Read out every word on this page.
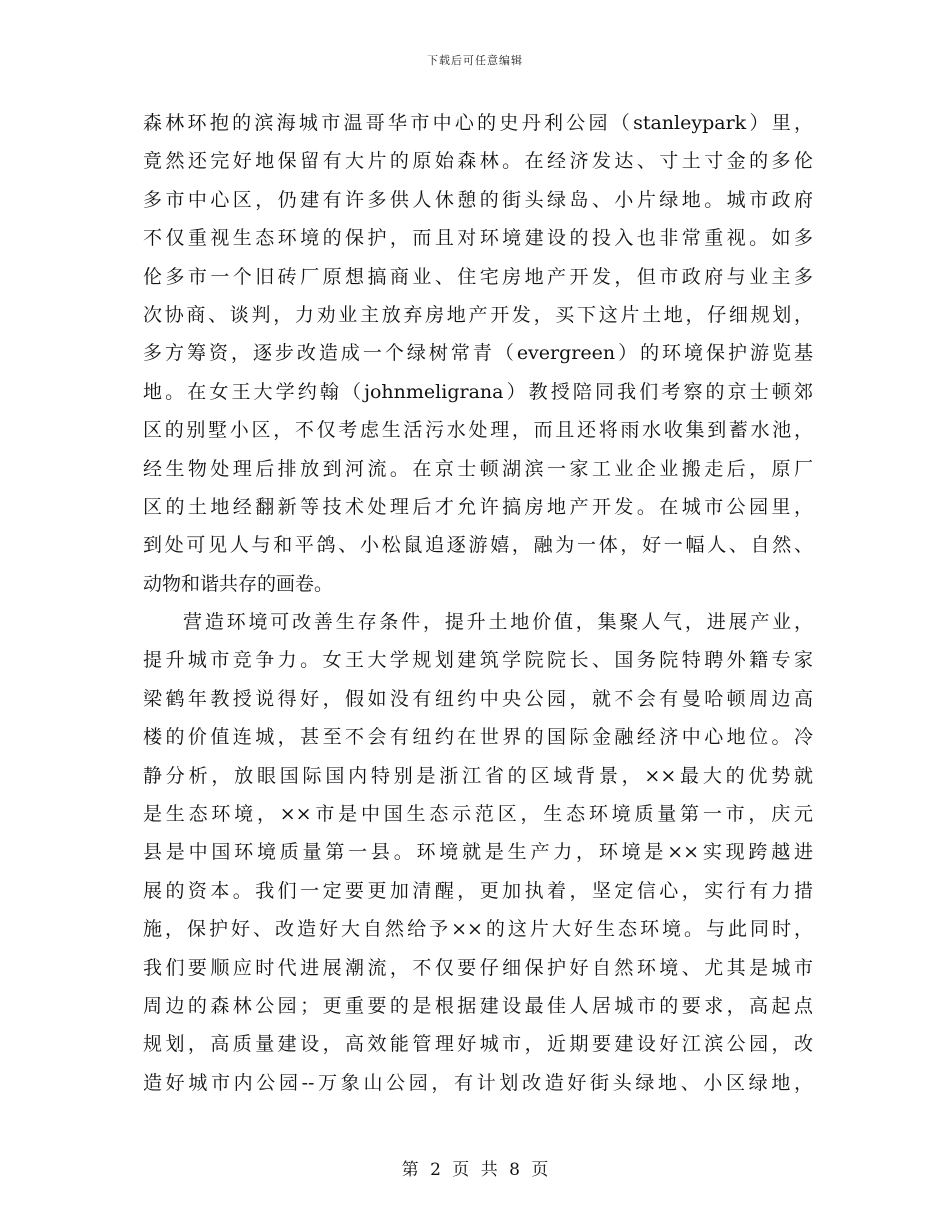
下载后可任意编辑
森林环抱的滨海城市温哥华市中心的史丹利公园（stanleypark）里，
竟然还完好地保留有大片的原始森林。在经济发达、寸土寸金的多伦
多市中心区，仍建有许多供人休憩的街头绿岛、小片绿地。城市政府
不仅重视生态环境的保护，而且对环境建设的投入也非常重视。如多
伦多市一个旧砖厂原想搞商业、住宅房地产开发，但市政府与业主多
次协商、谈判，力劝业主放弃房地产开发，买下这片土地，仔细规划，
多方筹资，逐步改造成一个绿树常青（evergreen）的环境保护游览基
地。在女王大学约翰（johnmeligrana）教授陪同我们考察的京士顿郊
区的别墅小区，不仅考虑生活污水处理，而且还将雨水收集到蓄水池，
经生物处理后排放到河流。在京士顿湖滨一家工业企业搬走后，原厂
区的土地经翻新等技术处理后才允许搞房地产开发。在城市公园里，
到处可见人与和平鸽、小松鼠追逐游嬉，融为一体，好一幅人、自然、
动物和谐共存的画卷。
营造环境可改善生存条件，提升土地价值，集聚人气，进展产业，
提升城市竞争力。女王大学规划建筑学院院长、国务院特聘外籍专家
梁鹤年教授说得好，假如没有纽约中央公园，就不会有曼哈顿周边高
楼的价值连城，甚至不会有纽约在世界的国际金融经济中心地位。冷
静分析，放眼国际国内特别是浙江省的区域背景，××最大的优势就
是生态环境，××市是中国生态示范区，生态环境质量第一市，庆元
县是中国环境质量第一县。环境就是生产力，环境是××实现跨越进
展的资本。我们一定要更加清醒，更加执着，坚定信心，实行有力措
施，保护好、改造好大自然给予××的这片大好生态环境。与此同时，
我们要顺应时代进展潮流，不仅要仔细保护好自然环境、尤其是城市
周边的森林公园；更重要的是根据建设最佳人居城市的要求，高起点
规划，高质量建设，高效能管理好城市，近期要建设好江滨公园，改
造好城市内公园--万象山公园，有计划改造好街头绿地、小区绿地，
第 2 页 共 8 页
